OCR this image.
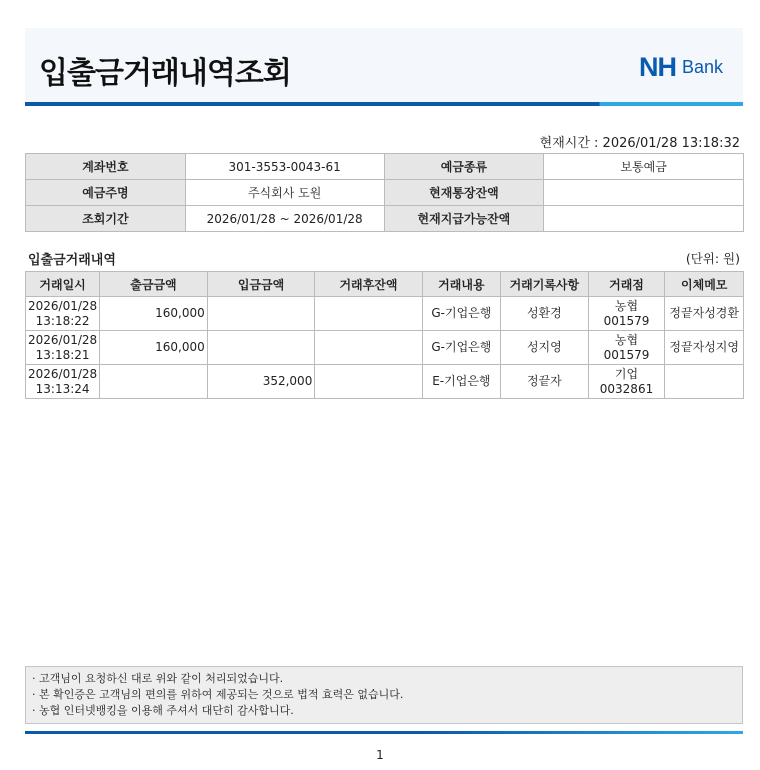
입출금거래내역조회	NH Bank
현재시간 : 2026/01/28 13:18:32
계좌번호	301-3553-0043-61	예금종류	보통예금
예금주명	주식회사 도원	현재통장잔액	
조회기간	2026/01/28 ~ 2026/01/28	현재지급가능잔액	
입출금거래내역	(단위: 원)
거래일시	출금금액	입금금액	거래후잔액	거래내용	거래기록사항	거래점	이체메모
2026/01/28
13:18:22	160,000			G-기업은행	성환경	농협 001579	정끝자성경환
2026/01/28
13:18:21	160,000			G-기업은행	성지영	농협 001579	정끝자성지영
2026/01/28
13:13:24		352,000		E-기업은행	정끝자	기업
0032861	
· 고객님이 요청하신 대로 위와 같이 처리되었습니다.
· 본 확인증은 고객님의 편의를 위하여 제공되는 것으로 법적 효력은 없습니다.
· 농협 인터넷뱅킹을 이용해 주셔서 대단히 감사합니다.
1
